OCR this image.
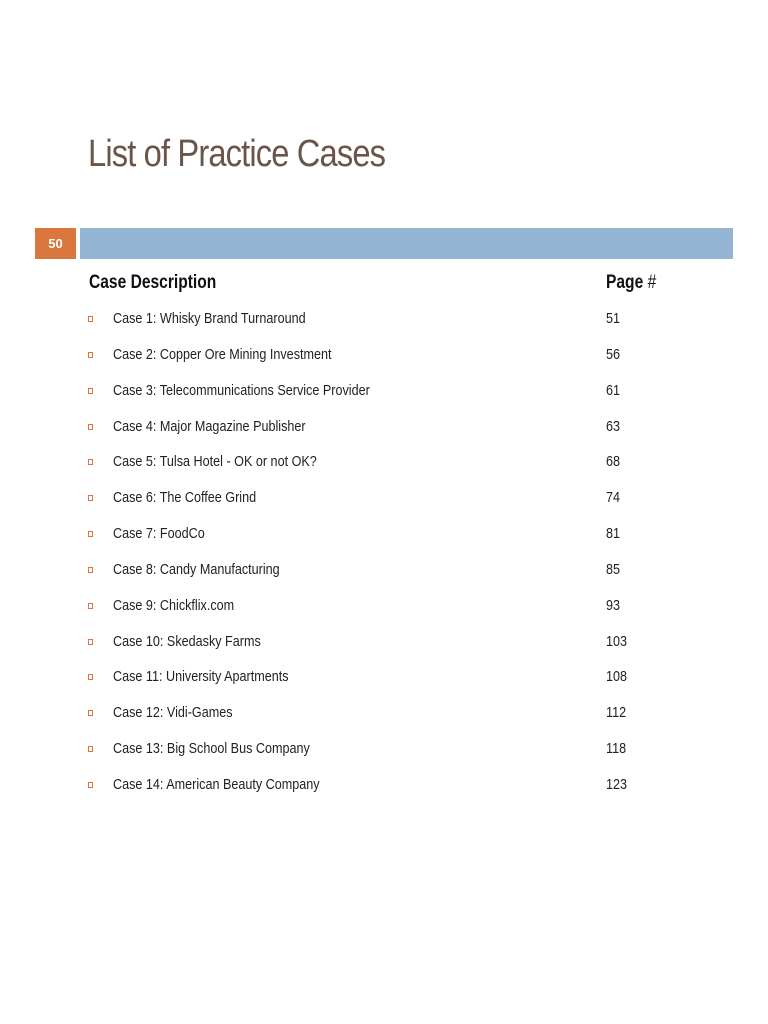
List of Practice Cases
50
Case Description	Page #
Case 1: Whisky Brand Turnaround	51
Case 2: Copper Ore Mining Investment	56
Case 3: Telecommunications Service Provider	61
Case 4: Major Magazine Publisher	63
Case 5: Tulsa Hotel - OK or not OK?	68
Case 6: The Coffee Grind	74
Case 7: FoodCo	81
Case 8: Candy Manufacturing	85
Case 9: Chickflix.com	93
Case 10: Skedasky Farms	103
Case 11: University Apartments	108
Case 12: Vidi-Games	112
Case 13: Big School Bus Company	118
Case 14: American Beauty Company	123
